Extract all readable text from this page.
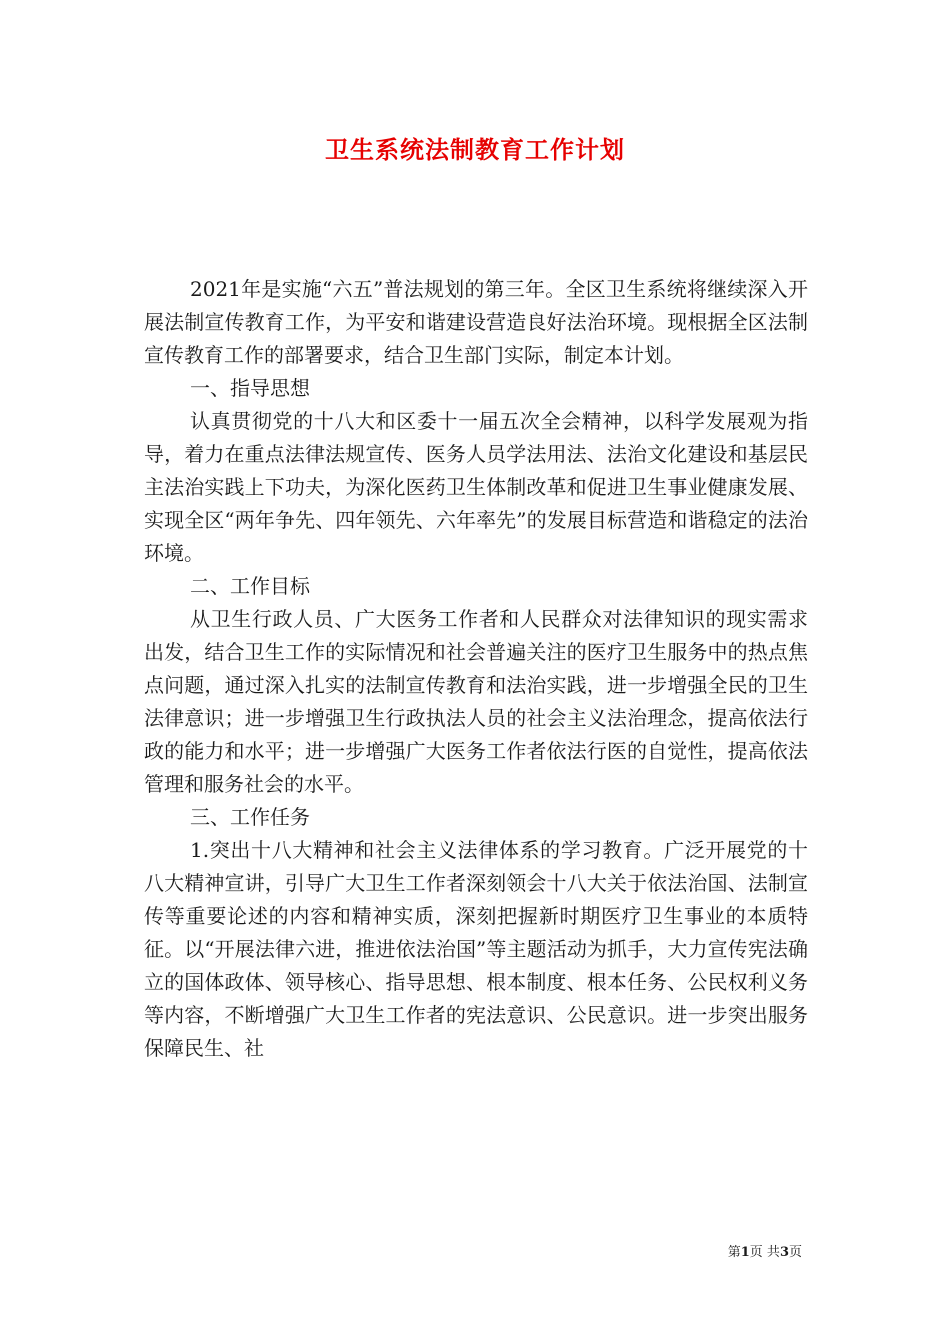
卫生系统法制教育工作计划

2021年是实施“六五”普法规划的第三年。全区卫生系统将继续深入开展法制宣传教育工作，为平安和谐建设营造良好法治环境。现根据全区法制宣传教育工作的部署要求，结合卫生部门实际，制定本计划。

一、指导思想

认真贯彻党的十八大和区委十一届五次全会精神，以科学发展观为指导，着力在重点法律法规宣传、医务人员学法用法、法治文化建设和基层民主法治实践上下功夫，为深化医药卫生体制改革和促进卫生事业健康发展、实现全区“两年争先、四年领先、六年率先”的发展目标营造和谐稳定的法治环境。

二、工作目标

从卫生行政人员、广大医务工作者和人民群众对法律知识的现实需求出发，结合卫生工作的实际情况和社会普遍关注的医疗卫生服务中的热点焦点问题，通过深入扎实的法制宣传教育和法治实践，进一步增强全民的卫生法律意识；进一步增强卫生行政执法人员的社会主义法治理念，提高依法行政的能力和水平；进一步增强广大医务工作者依法行医的自觉性，提高依法管理和服务社会的水平。

三、工作任务

1.突出十八大精神和社会主义法律体系的学习教育。广泛开展党的十八大精神宣讲，引导广大卫生工作者深刻领会十八大关于依法治国、法制宣传等重要论述的内容和精神实质，深刻把握新时期医疗卫生事业的本质特征。以“开展法律六进，推进依法治国”等主题活动为抓手，大力宣传宪法确立的国体政体、领导核心、指导思想、根本制度、根本任务、公民权利义务等内容，不断增强广大卫生工作者的宪法意识、公民意识。进一步突出服务保障民生、社

第1页 共3页
